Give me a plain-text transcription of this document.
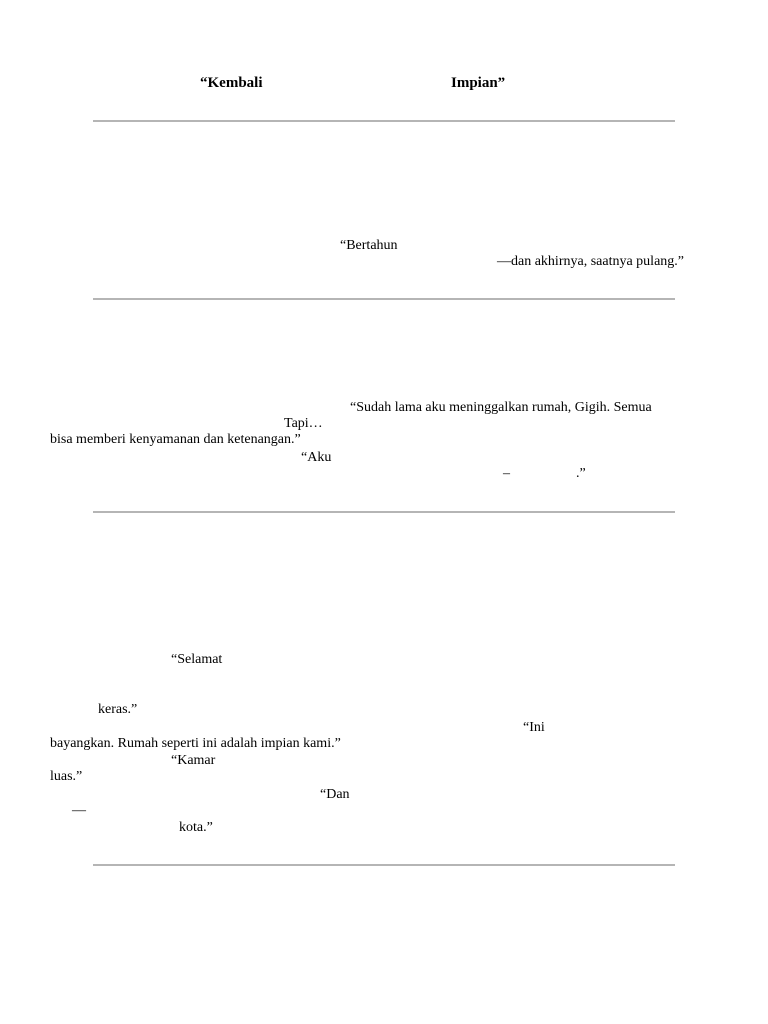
“Kembali	Impian”
“Bertahun
—dan akhirnya, saatnya pulang.”
“Sudah lama aku meninggalkan rumah, Gigih. Semua
Tapi…
bisa memberi kenyamanan dan ketenangan.”
“Aku
–	.”
“Selamat
keras.”
“Ini
bayangkan. Rumah seperti ini adalah impian kami.”
“Kamar
luas.”
“Dan
—
kota.”
